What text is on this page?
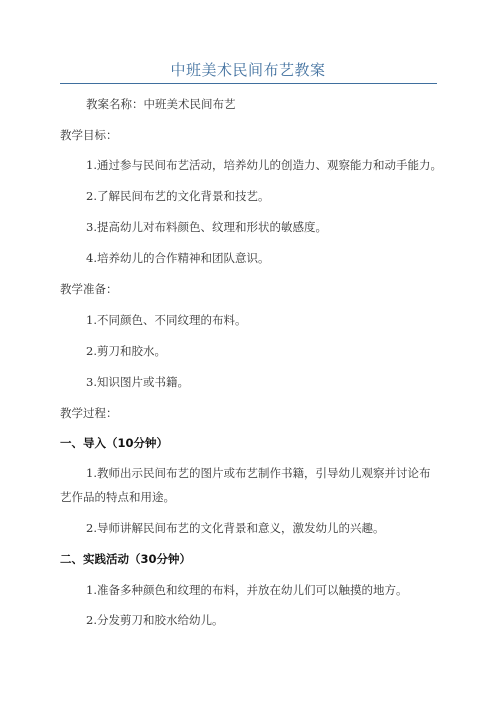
中班美术民间布艺教案
教案名称：中班美术民间布艺
教学目标：
1.通过参与民间布艺活动，培养幼儿的创造力、观察能力和动手能力。
2.了解民间布艺的文化背景和技艺。
3.提高幼儿对布料颜色、纹理和形状的敏感度。
4.培养幼儿的合作精神和团队意识。
教学准备：
1.不同颜色、不同纹理的布料。
2.剪刀和胶水。
3.知识图片或书籍。
教学过程：
一、导入（10分钟）
1.教师出示民间布艺的图片或布艺制作书籍，引导幼儿观察并讨论布
艺作品的特点和用途。
2.导师讲解民间布艺的文化背景和意义，激发幼儿的兴趣。
二、实践活动（30分钟）
1.准备多种颜色和纹理的布料，并放在幼儿们可以触摸的地方。
2.分发剪刀和胶水给幼儿。
